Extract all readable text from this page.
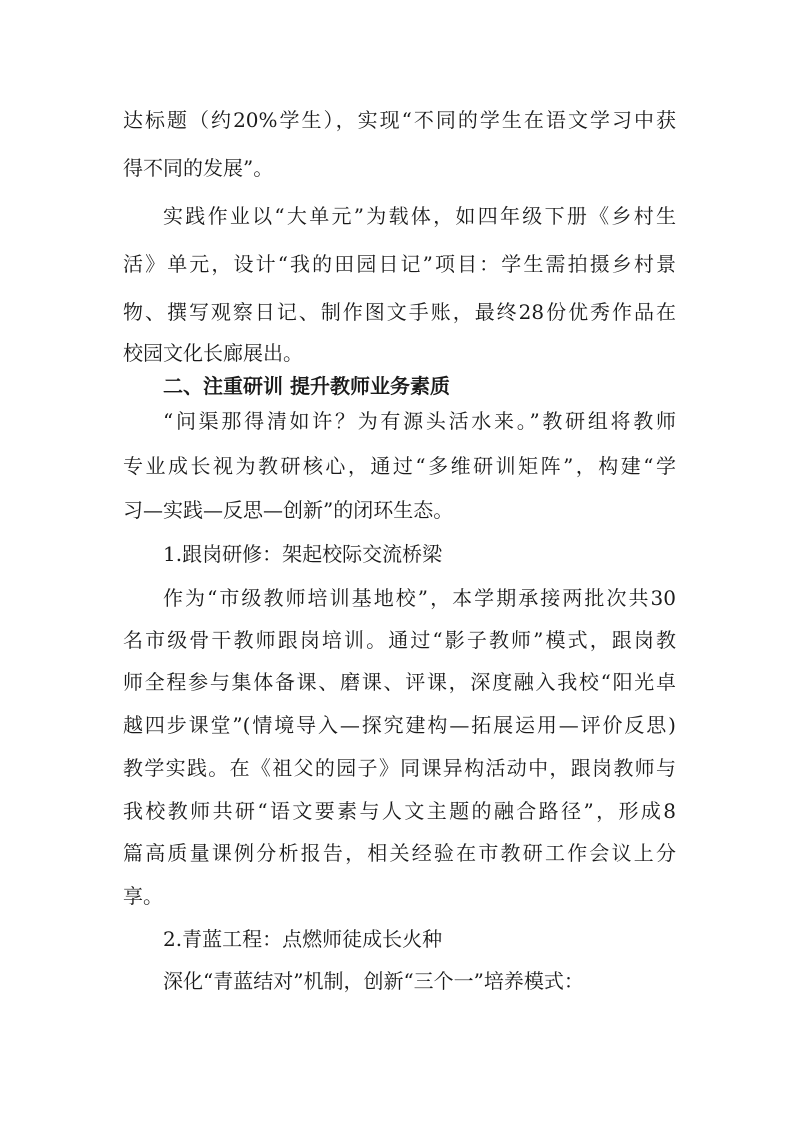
达标题（约20%学生），实现“不同的学生在语文学习中获
得不同的发展”。
实践作业以“大单元”为载体，如四年级下册《乡村生
活》单元，设计“我的田园日记”项目：学生需拍摄乡村景
物、撰写观察日记、制作图文手账，最终28份优秀作品在
校园文化长廊展出。
二、注重研训 提升教师业务素质
“问渠那得清如许？为有源头活水来。”教研组将教师
专业成长视为教研核心，通过“多维研训矩阵”，构建“学
习—实践—反思—创新”的闭环生态。
1.跟岗研修：架起校际交流桥梁
作为“市级教师培训基地校”，本学期承接两批次共30
名市级骨干教师跟岗培训。通过“影子教师”模式，跟岗教
师全程参与集体备课、磨课、评课，深度融入我校“阳光卓
越四步课堂”(情境导入—探究建构—拓展运用—评价反思)
教学实践。在《祖父的园子》同课异构活动中，跟岗教师与
我校教师共研“语文要素与人文主题的融合路径”，形成8
篇高质量课例分析报告，相关经验在市教研工作会议上分
享。
2.青蓝工程：点燃师徒成长火种
深化“青蓝结对”机制，创新“三个一”培养模式：
